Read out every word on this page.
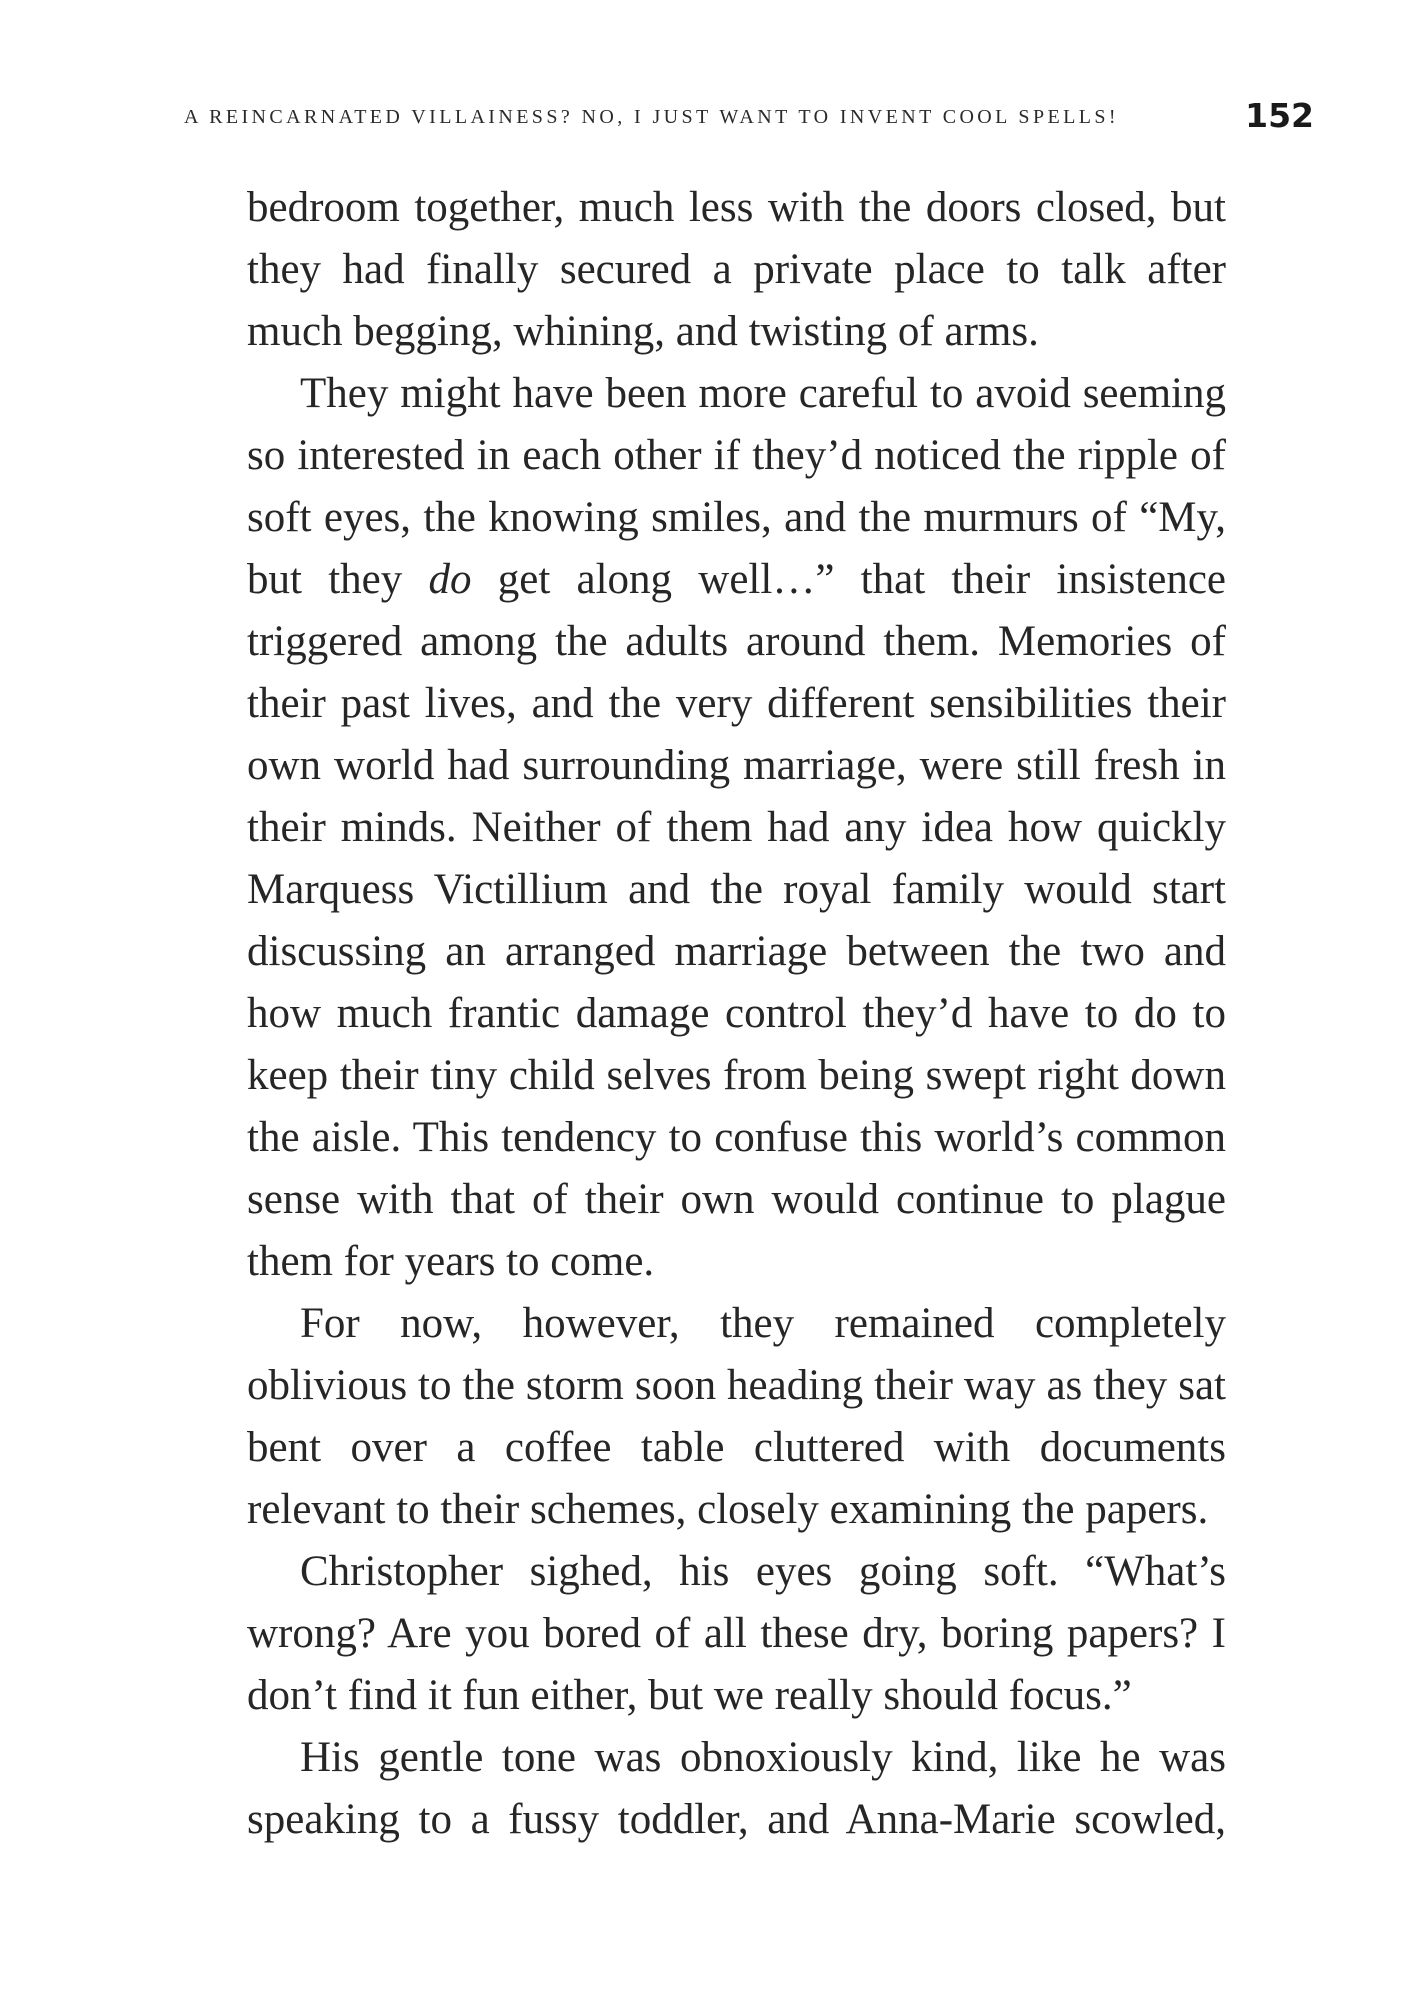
A REINCARNATED VILLAINESS? NO, I JUST WANT TO INVENT COOL SPELLS!	152

bedroom together, much less with the doors closed, but they had finally secured a private place to talk after much begging, whining, and twisting of arms.

They might have been more careful to avoid seeming so interested in each other if they’d noticed the ripple of soft eyes, the knowing smiles, and the murmurs of “My, but they do get along well…” that their insistence triggered among the adults around them. Memories of their past lives, and the very different sensibilities their own world had surrounding marriage, were still fresh in their minds. Neither of them had any idea how quickly Marquess Victillium and the royal family would start discussing an arranged marriage between the two and how much frantic damage control they’d have to do to keep their tiny child selves from being swept right down the aisle. This tendency to confuse this world’s common sense with that of their own would continue to plague them for years to come.

For now, however, they remained completely oblivious to the storm soon heading their way as they sat bent over a coffee table cluttered with documents relevant to their schemes, closely examining the papers.

Christopher sighed, his eyes going soft. “What’s wrong? Are you bored of all these dry, boring papers? I don’t find it fun either, but we really should focus.”

His gentle tone was obnoxiously kind, like he was speaking to a fussy toddler, and Anna-Marie scowled,
